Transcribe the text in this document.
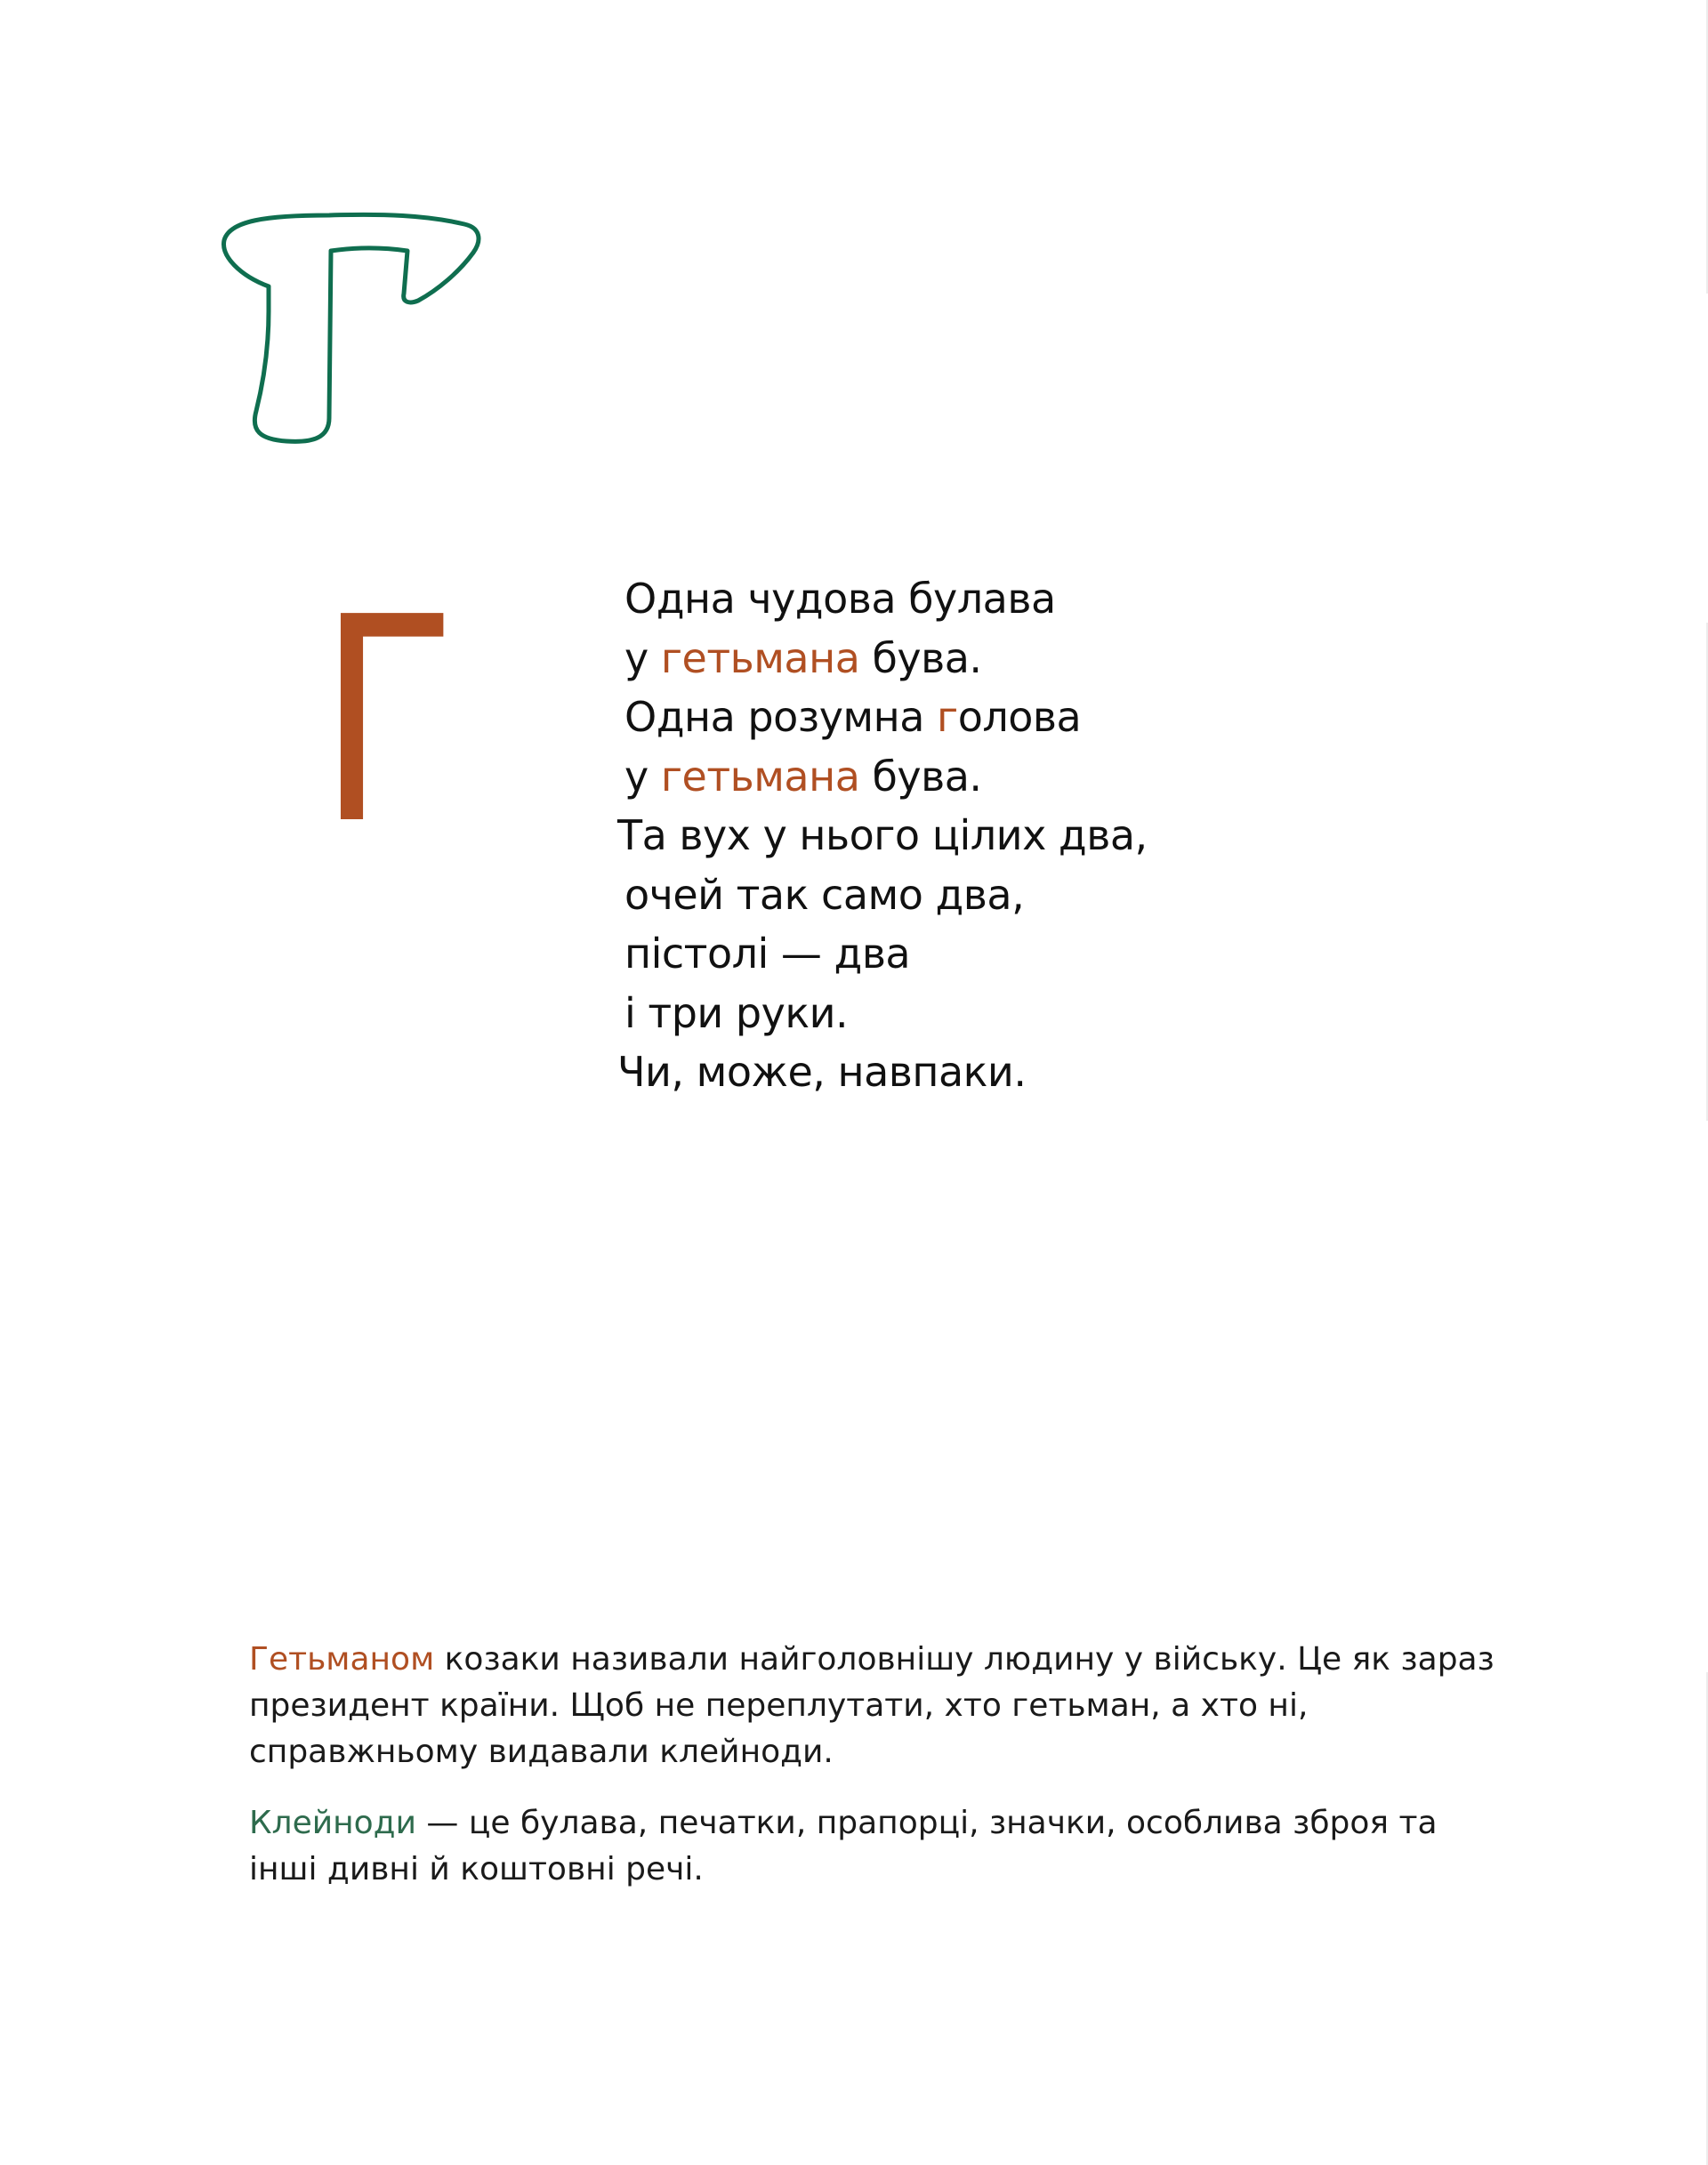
Г	Одна чудова булава
у гетьмана бува.
Одна розумна голова
у гетьмана бува.
Та вух у нього цілих два,
очей так само два,
пістолі — два
і три руки.
Чи, може, навпаки.

Гетьманом козаки називали найголовнішу людину у війську. Це як зараз президент країни. Щоб не переплутати, хто гетьман, а хто ні, справжньому видавали клейноди.

Клейноди — це булава, печатки, прапорці, значки, особлива зброя та інші дивні й коштовні речі.
